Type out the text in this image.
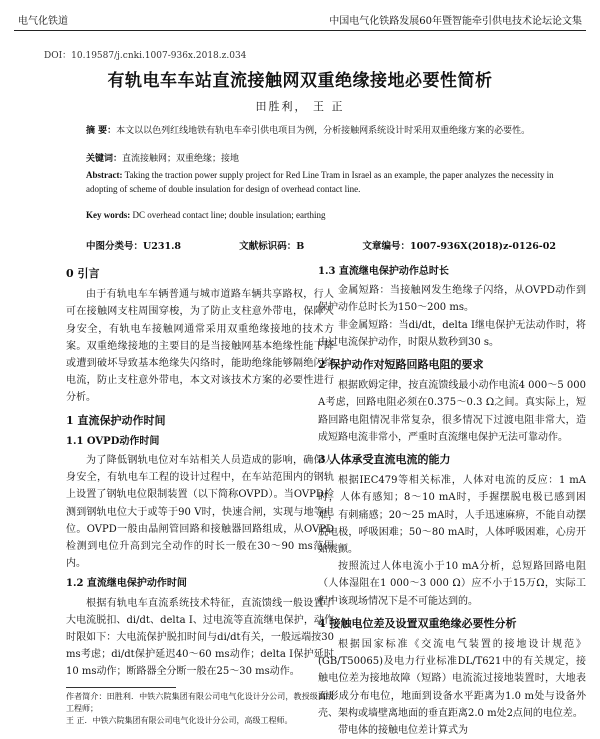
电气化铁道	中国电气化铁路发展60年暨智能牵引供电技术论坛论文集
DOI：10.19587/j.cnki.1007-936x.2018.z.034
有轨电车车站直流接触网双重绝缘接地必要性简析
田胜利， 王 正
摘 要：本文以以色列红线地铁有轨电车牵引供电项目为例，分析接触网系统设计时采用双重绝缘方案的必要性。
关键词：直流接触网；双重绝缘；接地
Abstract: Taking the traction power supply project for Red Line Tram in Israel as an example, the paper analyzes the necessity in adopting of scheme of double insulation for design of overhead contact line.
Key words: DC overhead contact line; double insulation; earthing
中图分类号：U231.8	文献标识码：B	文章编号：1007-936X(2018)z-0126-02
0 引言

由于有轨电车车辆普通与城市道路车辆共享路权，行人可在接触网支柱周围穿梭，为了防止支柱意外带电，保障人身安全，有轨电车接触网通常采用双重绝缘接地的技术方案。双重绝缘接地的主要目的是当接触网基本绝缘性能下降或遭到破坏导致基本绝缘失闪络时，能助绝缘能够隔绝闪络电流，防止支柱意外带电，本文对该技术方案的必要性进行分析。

1 直流保护动作时间
1.1 OVPD动作时间

为了降低钢轨电位对车站相关人员造成的影响，确保人身安全，有轨电车工程的设计过程中，在车站范围内的钢轨上设置了钢轨电位限制装置（以下简称OVPD）。当OVPD检测到钢轨电位大于或等于90 V时，快速合闸，实现与地等电位。OVPD一般由晶闸管回路和接触器回路组成，从OVPD检测到电位升高到完全动作的时长一般在30～90 ms范围内。

1.2 直流继电保护动作时间

根据有轨电车直流系统技术特征，直流馈线一般设置了大电流脱扣、di/dt、delta I、过电流等直流继电保护，动作时限如下：大电流保护脱扣时间与di/dt有关，一般远端按30 ms考虑；di/dt保护延迟40～60 ms动作；delta I保护延时10 ms动作；断路器全分断一般在25～30 ms动作。

作者简介：田胜利．中铁六院集团有限公司电气化设计分公司，教授级高级工程师；

王 正．中铁六院集团有限公司电气化设计分公司，高级工程师。

1.3 直流继电保护动作总时长

金属短路：当接触网发生绝缘子闪络，从OVPD动作到保护动作总时长为150～200 ms。

非金属短路：当di/dt，delta I继电保护无法动作时，将由过电流保护动作，时限从数秒到30 s。

2 保护动作对短路回路电阻的要求

根据欧姆定律，按直流馈线最小动作电流4 000～5 000 A考虑，回路电阻必须在0.375～0.3 Ω之间。真实际上，短路回路电阻情况非常复杂，很多情况下过渡电阻非常大，造成短路电流非常小，严重时直流继电保护无法可靠动作。

3 人体承受直流电流的能力

根据IEC479等相关标准，人体对电流的反应：1 mA时，人体有感知；8～10 mA时，手握摆脱电极已感到困难，有刺痛感；20～25 mA时，人手迅速麻痹，不能自动摆脱电极，呼吸困难；50～80 mA时，人体呼吸困难，心房开始震颤。

按照流过人体电流小于10 mA分析，总短路回路电阻（人体湿阻在1 000～3 000 Ω）应不小于15万Ω，实际工程中该现场情况下是不可能达到的。

4 接触电位差及设置双重绝缘必要性分析

根据国家标准《交流电气装置的接地设计规范》(GB/T50065)及电力行业标准DL/T621中的有关规定，接触电位差为接地故障（短路）电流流过接地装置时，大地表面形成分布电位，地面到设备水平距离为1.0 m处与设备外壳、架构或墙壁离地面的垂直距离2.0 m处2点间的电位差。

带电体的接触电位差计算式为
